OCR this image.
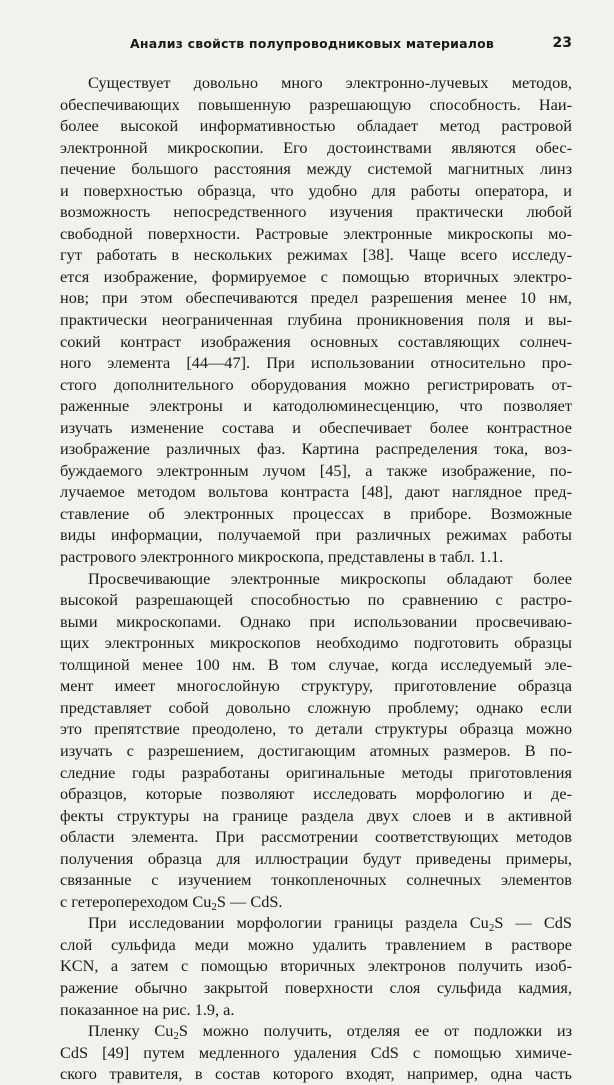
Анализ свойств полупроводниковых материалов	23

Существует довольно много электронно-лучевых методов,
обеспечивающих повышенную разрешающую способность. Наи-
более высокой информативностью обладает метод растровой
электронной микроскопии. Его достоинствами являются обес-
печение большого расстояния между системой магнитных линз
и поверхностью образца, что удобно для работы оператора, и
возможность непосредственного изучения практически любой
свободной поверхности. Растровые электронные микроскопы мо-
гут работать в нескольких режимах [38]. Чаще всего исследу-
ется изображение, формируемое с помощью вторичных электро-
нов; при этом обеспечиваются предел разрешения менее 10 нм,
практически неограниченная глубина проникновения поля и вы-
сокий контраст изображения основных составляющих солнеч-
ного элемента [44—47]. При использовании относительно про-
стого дополнительного оборудования можно регистрировать от-
раженные электроны и катодолюминесценцию, что позволяет
изучать изменение состава и обеспечивает более контрастное
изображение различных фаз. Картина распределения тока, воз-
буждаемого электронным лучом [45], а также изображение, по-
лучаемое методом вольтова контраста [48], дают наглядное пред-
ставление об электронных процессах в приборе. Возможные
виды информации, получаемой при различных режимах работы
растрового электронного микроскопа, представлены в табл. 1.1.

Просвечивающие электронные микроскопы обладают более
высокой разрешающей способностью по сравнению с растро-
выми микроскопами. Однако при использовании просвечиваю-
щих электронных микроскопов необходимо подготовить образцы
толщиной менее 100 нм. В том случае, когда исследуемый эле-
мент имеет многослойную структуру, приготовление образца
представляет собой довольно сложную проблему; однако если
это препятствие преодолено, то детали структуры образца можно
изучать с разрешением, достигающим атомных размеров. В по-
следние годы разработаны оригинальные методы приготовления
образцов, которые позволяют исследовать морфологию и де-
фекты структуры на границе раздела двух слоев и в активной
области элемента. При рассмотрении соответствующих методов
получения образца для иллюстрации будут приведены примеры,
связанные с изучением тонкопленочных солнечных элементов
с гетеропереходом $Cu_2S$ — CdS.

При исследовании морфологии границы раздела $Cu_2S$ — CdS
слой сульфида меди можно удалить травлением в растворе
KCN, а затем с помощью вторичных электронов получить изоб-
ражение обычно закрытой поверхности слоя сульфида кадмия,
показанное на рис. 1.9, а.

Пленку $Cu_2S$ можно получить, отделяя ее от подложки из
CdS [49] путем медленного удаления CdS с помощью химиче-
ского травителя, в состав которого входят, например, одна часть
